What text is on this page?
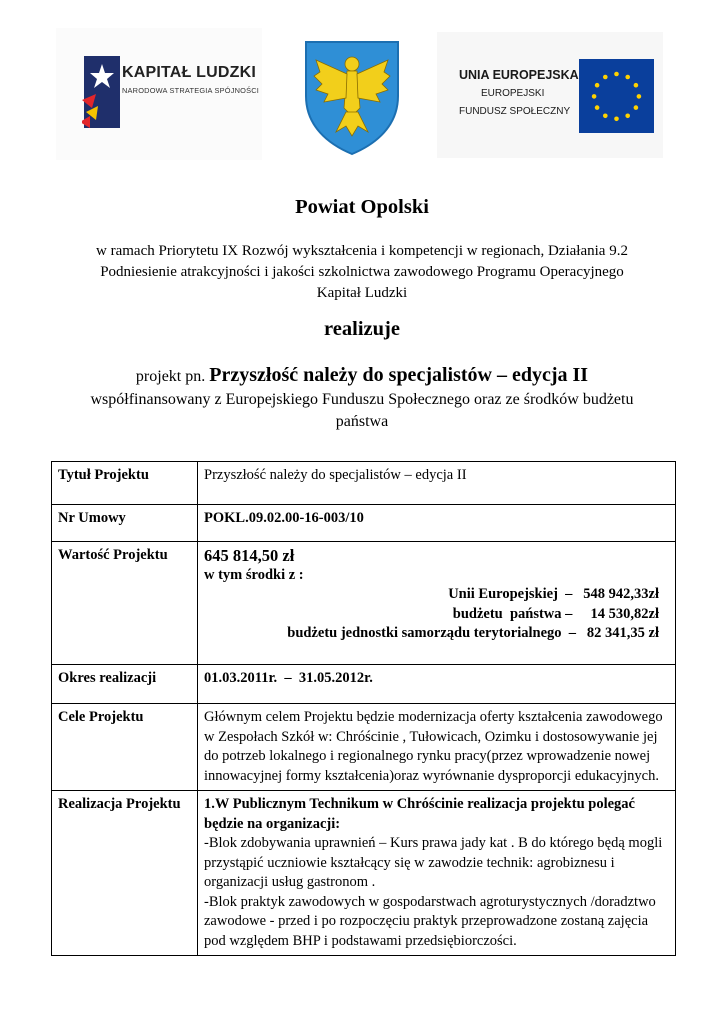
KAPITAŁ LUDZKI
NARODOWA STRATEGIA SPÓJNOŚCI
UNIA EUROPEJSKA
EUROPEJSKI
FUNDUSZ SPOŁECZNY
Powiat Opolski
w ramach Priorytetu IX Rozwój wykształcenia i kompetencji w regionach, Działania 9.2 Podniesienie atrakcyjności i jakości szkolnictwa zawodowego Programu Operacyjnego Kapitał Ludzki
realizuje
projekt pn. Przyszłość należy do specjalistów – edycja II
współfinansowany z Europejskiego Funduszu Społecznego oraz ze środków budżetu państwa
Tytuł Projektu	Przyszłość należy do specjalistów – edycja II
Nr Umowy	POKL.09.02.00-16-003/10
Wartość Projektu	645 814,50 zł
w tym środki z :
Unii Europejskiej  –   548 942,33zł
budżetu  państwa –     14 530,82zł
budżetu jednostki samorządu terytorialnego  –   82 341,35 zł

Okres realizacji	01.03.2011r.  –  31.05.2012r.
Cele Projektu	Głównym celem Projektu będzie modernizacja oferty kształcenia zawodowego w Zespołach Szkół w: Chróścinie , Tułowicach, Ozimku i dostosowywanie jej do potrzeb lokalnego i regionalnego rynku pracy(przez wprowadzenie nowej innowacyjnej formy kształcenia)oraz wyrównanie dysproporcji edukacyjnych.
Realizacja Projektu	1.W Publicznym Technikum w Chróścinie realizacja projektu polegać będzie na organizacji:
-Blok zdobywania uprawnień – Kurs prawa jady kat . B do którego będą mogli przystąpić uczniowie kształcący się w zawodzie technik: agrobiznesu i organizacji usług gastronom .
-Blok praktyk zawodowych w gospodarstwach agroturystycznych /doradztwo zawodowe - przed i po rozpoczęciu praktyk przeprowadzone zostaną zajęcia pod względem BHP i podstawami przedsiębiorczości.
